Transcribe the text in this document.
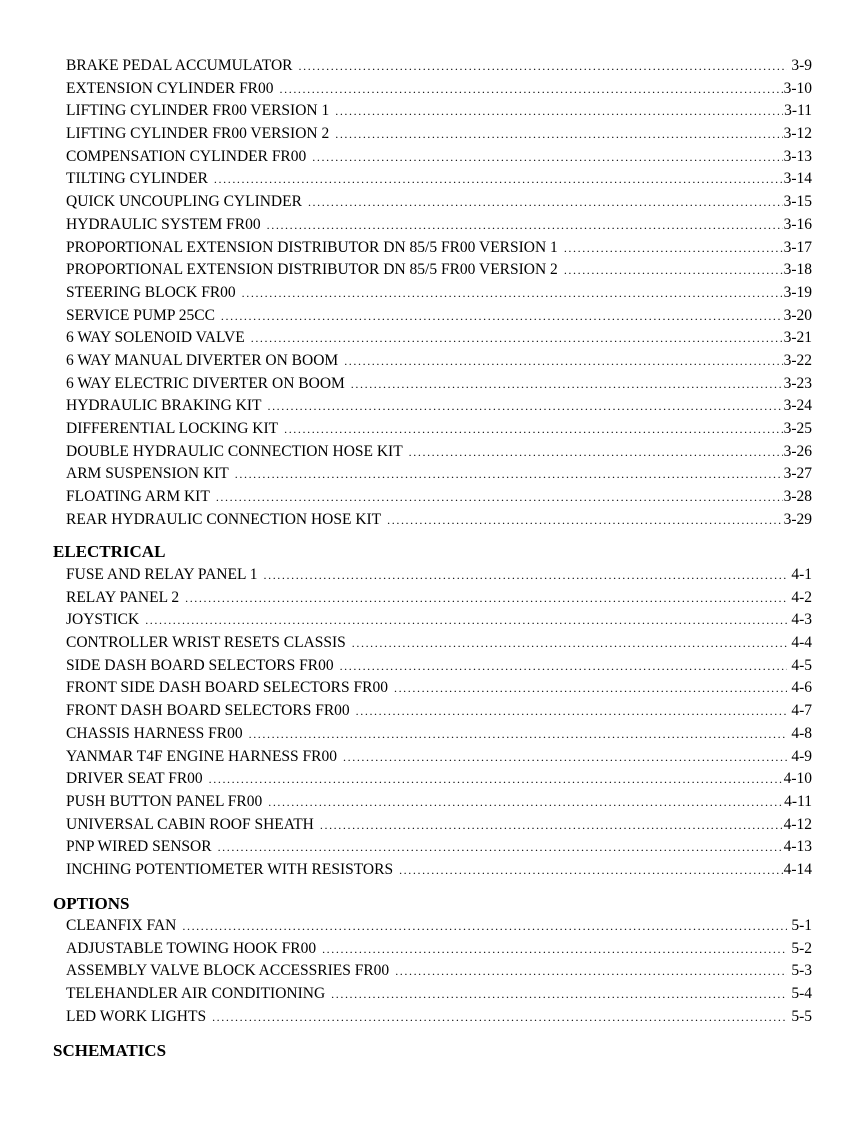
BRAKE PEDAL ACCUMULATOR .....	3-9
EXTENSION CYLINDER FR00 .....	3-10
LIFTING CYLINDER FR00 VERSION 1 .....	3-11
LIFTING CYLINDER FR00 VERSION 2 .....	3-12
COMPENSATION CYLINDER FR00 .....	3-13
TILTING CYLINDER .....	3-14
QUICK UNCOUPLING CYLINDER .....	3-15
HYDRAULIC SYSTEM FR00 .....	3-16
PROPORTIONAL EXTENSION DISTRIBUTOR DN 85/5 FR00 VERSION 1 .....	3-17
PROPORTIONAL EXTENSION DISTRIBUTOR DN 85/5 FR00 VERSION 2 .....	3-18
STEERING BLOCK FR00 .....	3-19
SERVICE PUMP 25CC .....	3-20
6 WAY SOLENOID VALVE .....	3-21
6 WAY MANUAL DIVERTER ON BOOM .....	3-22
6 WAY ELECTRIC DIVERTER ON BOOM .....	3-23
HYDRAULIC BRAKING KIT .....	3-24
DIFFERENTIAL LOCKING KIT .....	3-25
DOUBLE HYDRAULIC CONNECTION HOSE KIT .....	3-26
ARM SUSPENSION KIT .....	3-27
FLOATING ARM KIT .....	3-28
REAR HYDRAULIC CONNECTION HOSE KIT .....	3-29
ELECTRICAL
FUSE AND RELAY PANEL 1 .....	4-1
RELAY PANEL 2 .....	4-2
JOYSTICK .....	4-3
CONTROLLER WRIST RESETS CLASSIS .....	4-4
SIDE DASH BOARD SELECTORS FR00 .....	4-5
FRONT SIDE DASH BOARD SELECTORS FR00 .....	4-6
FRONT DASH BOARD SELECTORS FR00 .....	4-7
CHASSIS HARNESS FR00 .....	4-8
YANMAR T4F ENGINE HARNESS FR00 .....	4-9
DRIVER SEAT FR00 .....	4-10
PUSH BUTTON PANEL FR00 .....	4-11
UNIVERSAL CABIN ROOF SHEATH .....	4-12
PNP WIRED SENSOR .....	4-13
INCHING POTENTIOMETER WITH RESISTORS .....	4-14
OPTIONS
CLEANFIX FAN .....	5-1
ADJUSTABLE TOWING HOOK FR00 .....	5-2
ASSEMBLY VALVE BLOCK ACCESSRIES FR00 .....	5-3
TELEHANDLER AIR CONDITIONING .....	5-4
LED WORK LIGHTS .....	5-5
SCHEMATICS
